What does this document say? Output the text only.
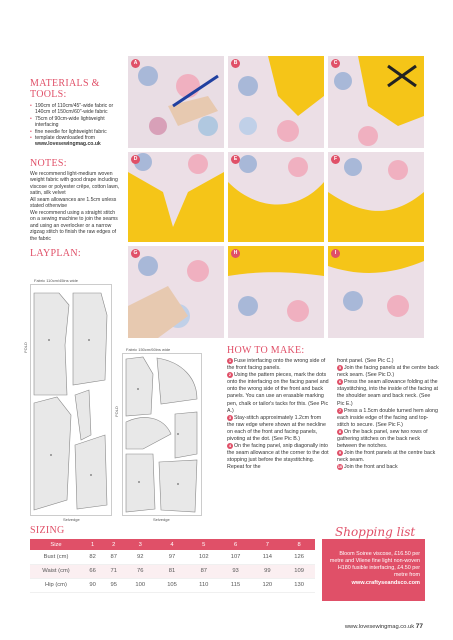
MATERIALS & TOOLS:
• 190cm of 110cm/45"-wide fabric or 140cm of 150cm/60"-wide fabric
• 75cm of 90cm-wide lightweight interfacing
• fine needle for lightweight fabric
• template downloaded from
www.lovesewingmag.co.uk
NOTES:
We recommend light-medium woven weight fabric with good drape including viscose or polyester crêpe, cotton lawn, satin, silk velvet
All seam allowances are 1.5cm unless stated otherwise
We recommend using a straight stitch on a sewing machine to join the seams and using an overlocker or a narrow zigzag stitch to finish the raw edges of the fabric
LAYPLAN:
Fabric 110cm/45ins wide
FOLD
Selvedge
Fabric 150cm/60ins wide
FOLD
Selvedge
A	B	C
D	E	F
G	H	I
HOW TO MAKE:
1 Fuse interfacing onto the wrong side of the front facing panels.
2 Using the pattern pieces, mark the dots onto the interfacing on the facing panel and onto the wrong side of the front and back panels. You can use an erasable marking pen, chalk or tailor's tacks for this. (See Pic A.)
3 Stay-stitch approximately 1.2cm from the raw edge where shown at the neckline on each of the front and facing panels, pivoting at the dot. (See Pic B.)
4 On the facing panel, snip diagonally into the seam allowance at the corner to the dot stopping just before the staystitching. Repeat for the
front panel. (See Pic C.)
5 Join the facing panels at the centre back neck seam. (See Pic D.)
6 Press the seam allowance folding at the staystitching, into the inside of the facing at the shoulder seam and back neck. (See Pic E.)
7 Press a 1.5cm double turned hem along each inside edge of the facing and top-stitch to secure. (See Pic F.)
8 On the back panel, sew two rows of gathering stitches on the back neck between the notches.
9 Join the front panels at the centre back neck seam.
10 Join the front and back
SIZING
Size	1	2	3	4	5	6	7	8
Bust (cm)	82	87	92	97	102	107	114	126
Waist (cm)	66	71	76	81	87	93	99	109
Hip (cm)	90	95	100	105	110	115	120	130
Bloom Soiree viscose, £16.50 per metre and Vilene fine light non-woven H180 fusible interfacing, £4.50 per metre from
www.craftyseandsco.com
Shopping list
www.lovesewingmag.co.uk 77
